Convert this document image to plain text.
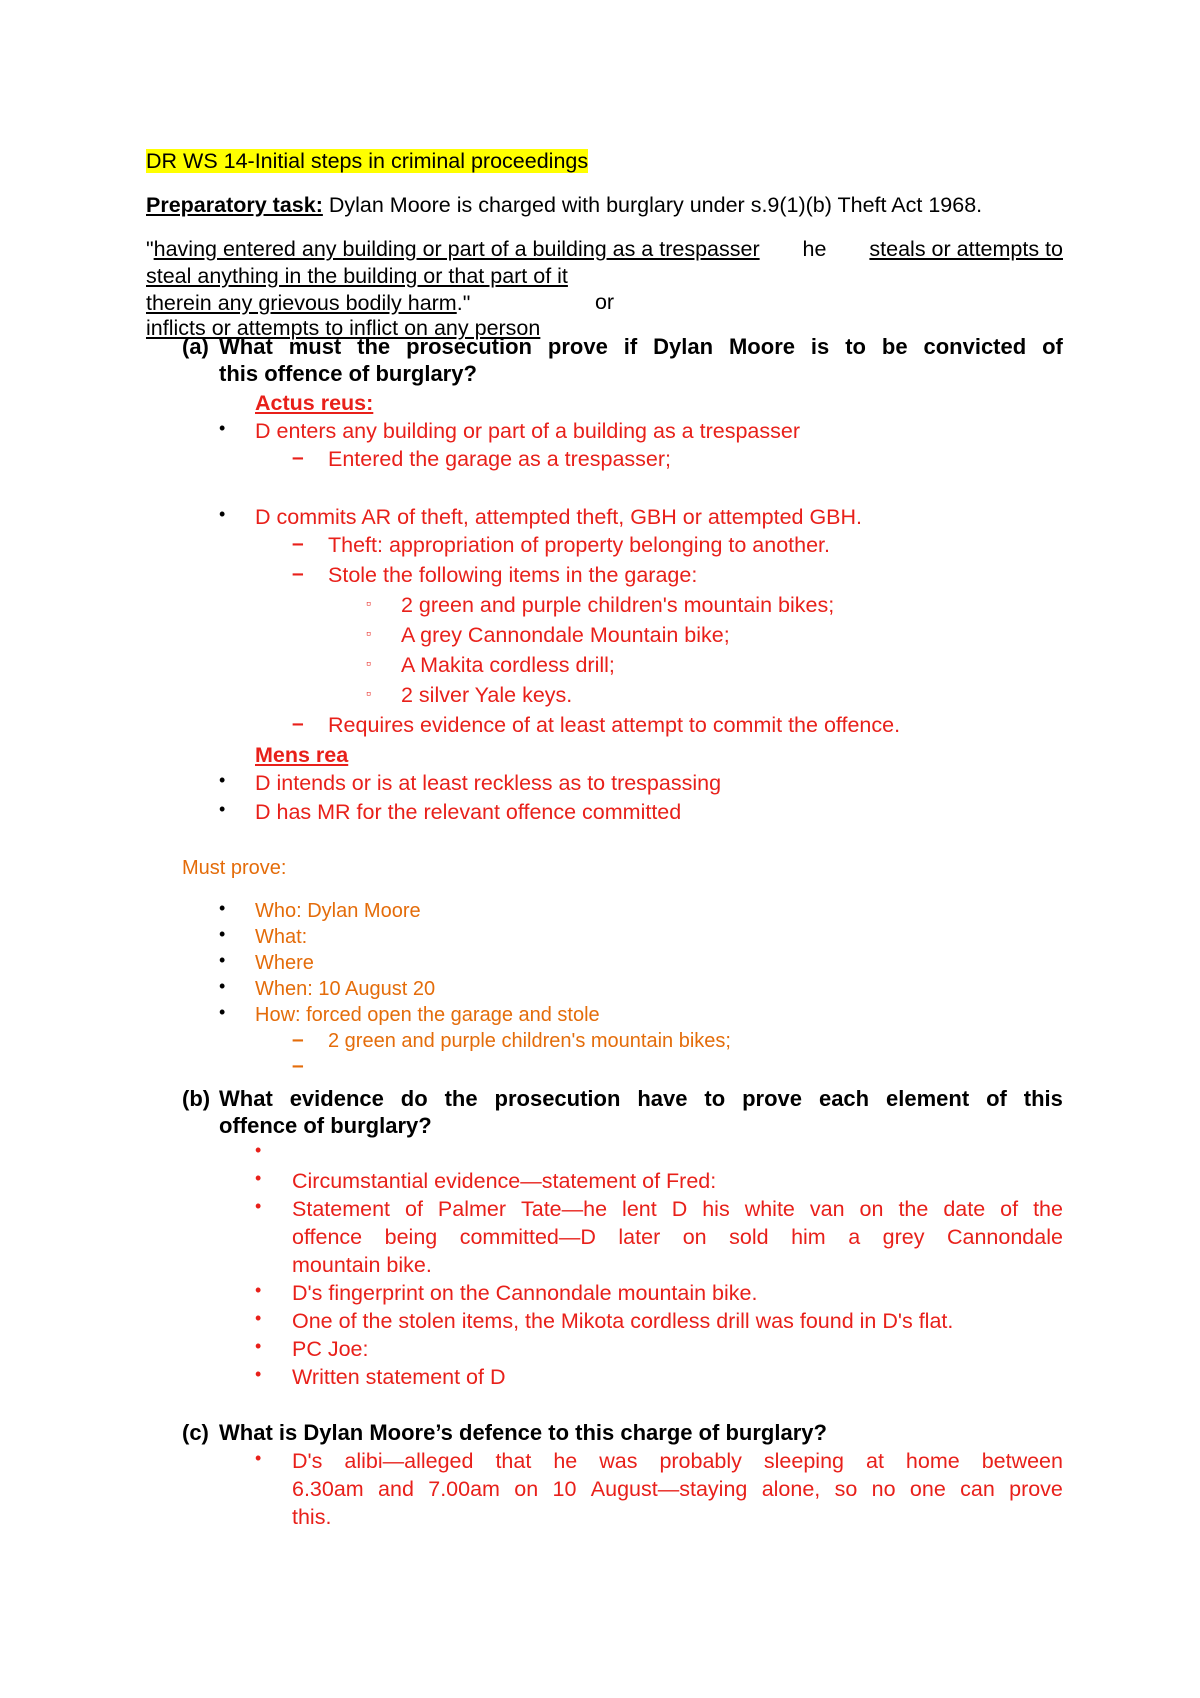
DR WS 14-Initial steps in criminal proceedings
Preparatory task: Dylan Moore is charged with burglary under s.9(1)(b) Theft Act 1968.
"having entered any building or part of a building as a trespasser he steals or attempts to
steal anything in the building or that part of it
or
inflicts or attempts to inflict on any person
therein any grievous bodily harm."
(a) What must the prosecution prove if Dylan Moore is to be convicted of
this offence of burglary?
Actus reus:
• D enters any building or part of a building as a trespasser
– Entered the garage as a trespasser;
• D commits AR of theft, attempted theft, GBH or attempted GBH.
– Theft: appropriation of property belonging to another.
– Stole the following items in the garage:
▫ 2 green and purple children's mountain bikes;
▫ A grey Cannondale Mountain bike;
▫ A Makita cordless drill;
▫ 2 silver Yale keys.
– Requires evidence of at least attempt to commit the offence.
Mens rea
• D intends or is at least reckless as to trespassing
• D has MR for the relevant offence committed
Must prove:
• Who: Dylan Moore
• What:
• Where
• When: 10 August 20
• How: forced open the garage and stole
– 2 green and purple children's mountain bikes;
–
(b) What evidence do the prosecution have to prove each element of this
offence of burglary?
•
• Circumstantial evidence—statement of Fred:
• Statement of Palmer Tate—he lent D his white van on the date of the
offence being committed—D later on sold him a grey Cannondale
mountain bike.
• D's fingerprint on the Cannondale mountain bike.
• One of the stolen items, the Mikota cordless drill was found in D's flat.
• PC Joe:
• Written statement of D
(c) What is Dylan Moore’s defence to this charge of burglary?
• D's alibi—alleged that he was probably sleeping at home between
6.30am and 7.00am on 10 August—staying alone, so no one can prove
this.
